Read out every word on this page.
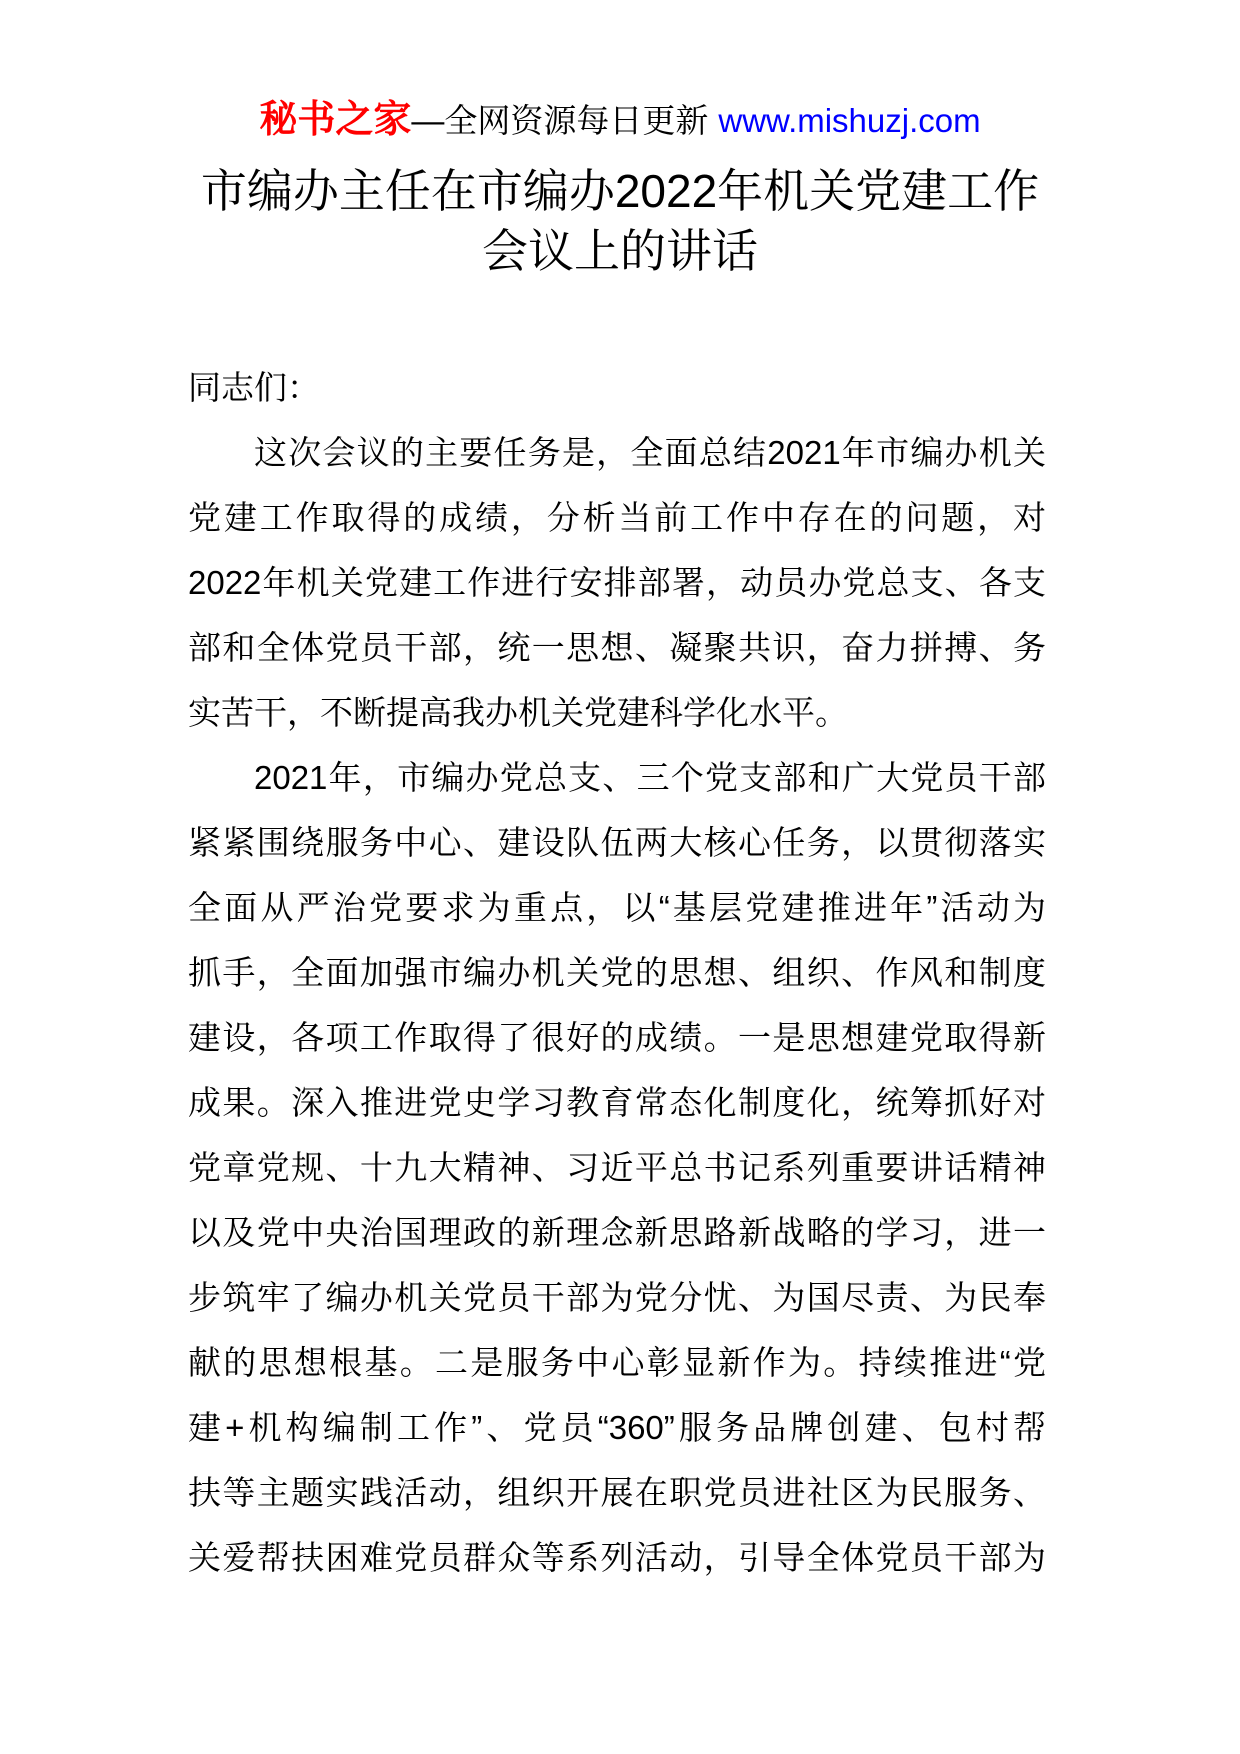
秘书之家—全网资源每日更新 www.mishuzj.com
市编办主任在市编办2022年机关党建工作
会议上的讲话

同志们：

这次会议的主要任务是，全面总结2021年市编办机关
党建工作取得的成绩，分析当前工作中存在的问题，对
2022年机关党建工作进行安排部署，动员办党总支、各支
部和全体党员干部，统一思想、凝聚共识，奋力拼搏、务
实苦干，不断提高我办机关党建科学化水平。
2021年，市编办党总支、三个党支部和广大党员干部
紧紧围绕服务中心、建设队伍两大核心任务，以贯彻落实
全面从严治党要求为重点，以“基层党建推进年”活动为
抓手，全面加强市编办机关党的思想、组织、作风和制度
建设，各项工作取得了很好的成绩。一是思想建党取得新
成果。深入推进党史学习教育常态化制度化，统筹抓好对
党章党规、十九大精神、习近平总书记系列重要讲话精神
以及党中央治国理政的新理念新思路新战略的学习，进一
步筑牢了编办机关党员干部为党分忧、为国尽责、为民奉
献的思想根基。二是服务中心彰显新作为。持续推进“党
建+机构编制工作”、党员“360”服务品牌创建、包村帮
扶等主题实践活动，组织开展在职党员进社区为民服务、
关爱帮扶困难党员群众等系列活动，引导全体党员干部为
